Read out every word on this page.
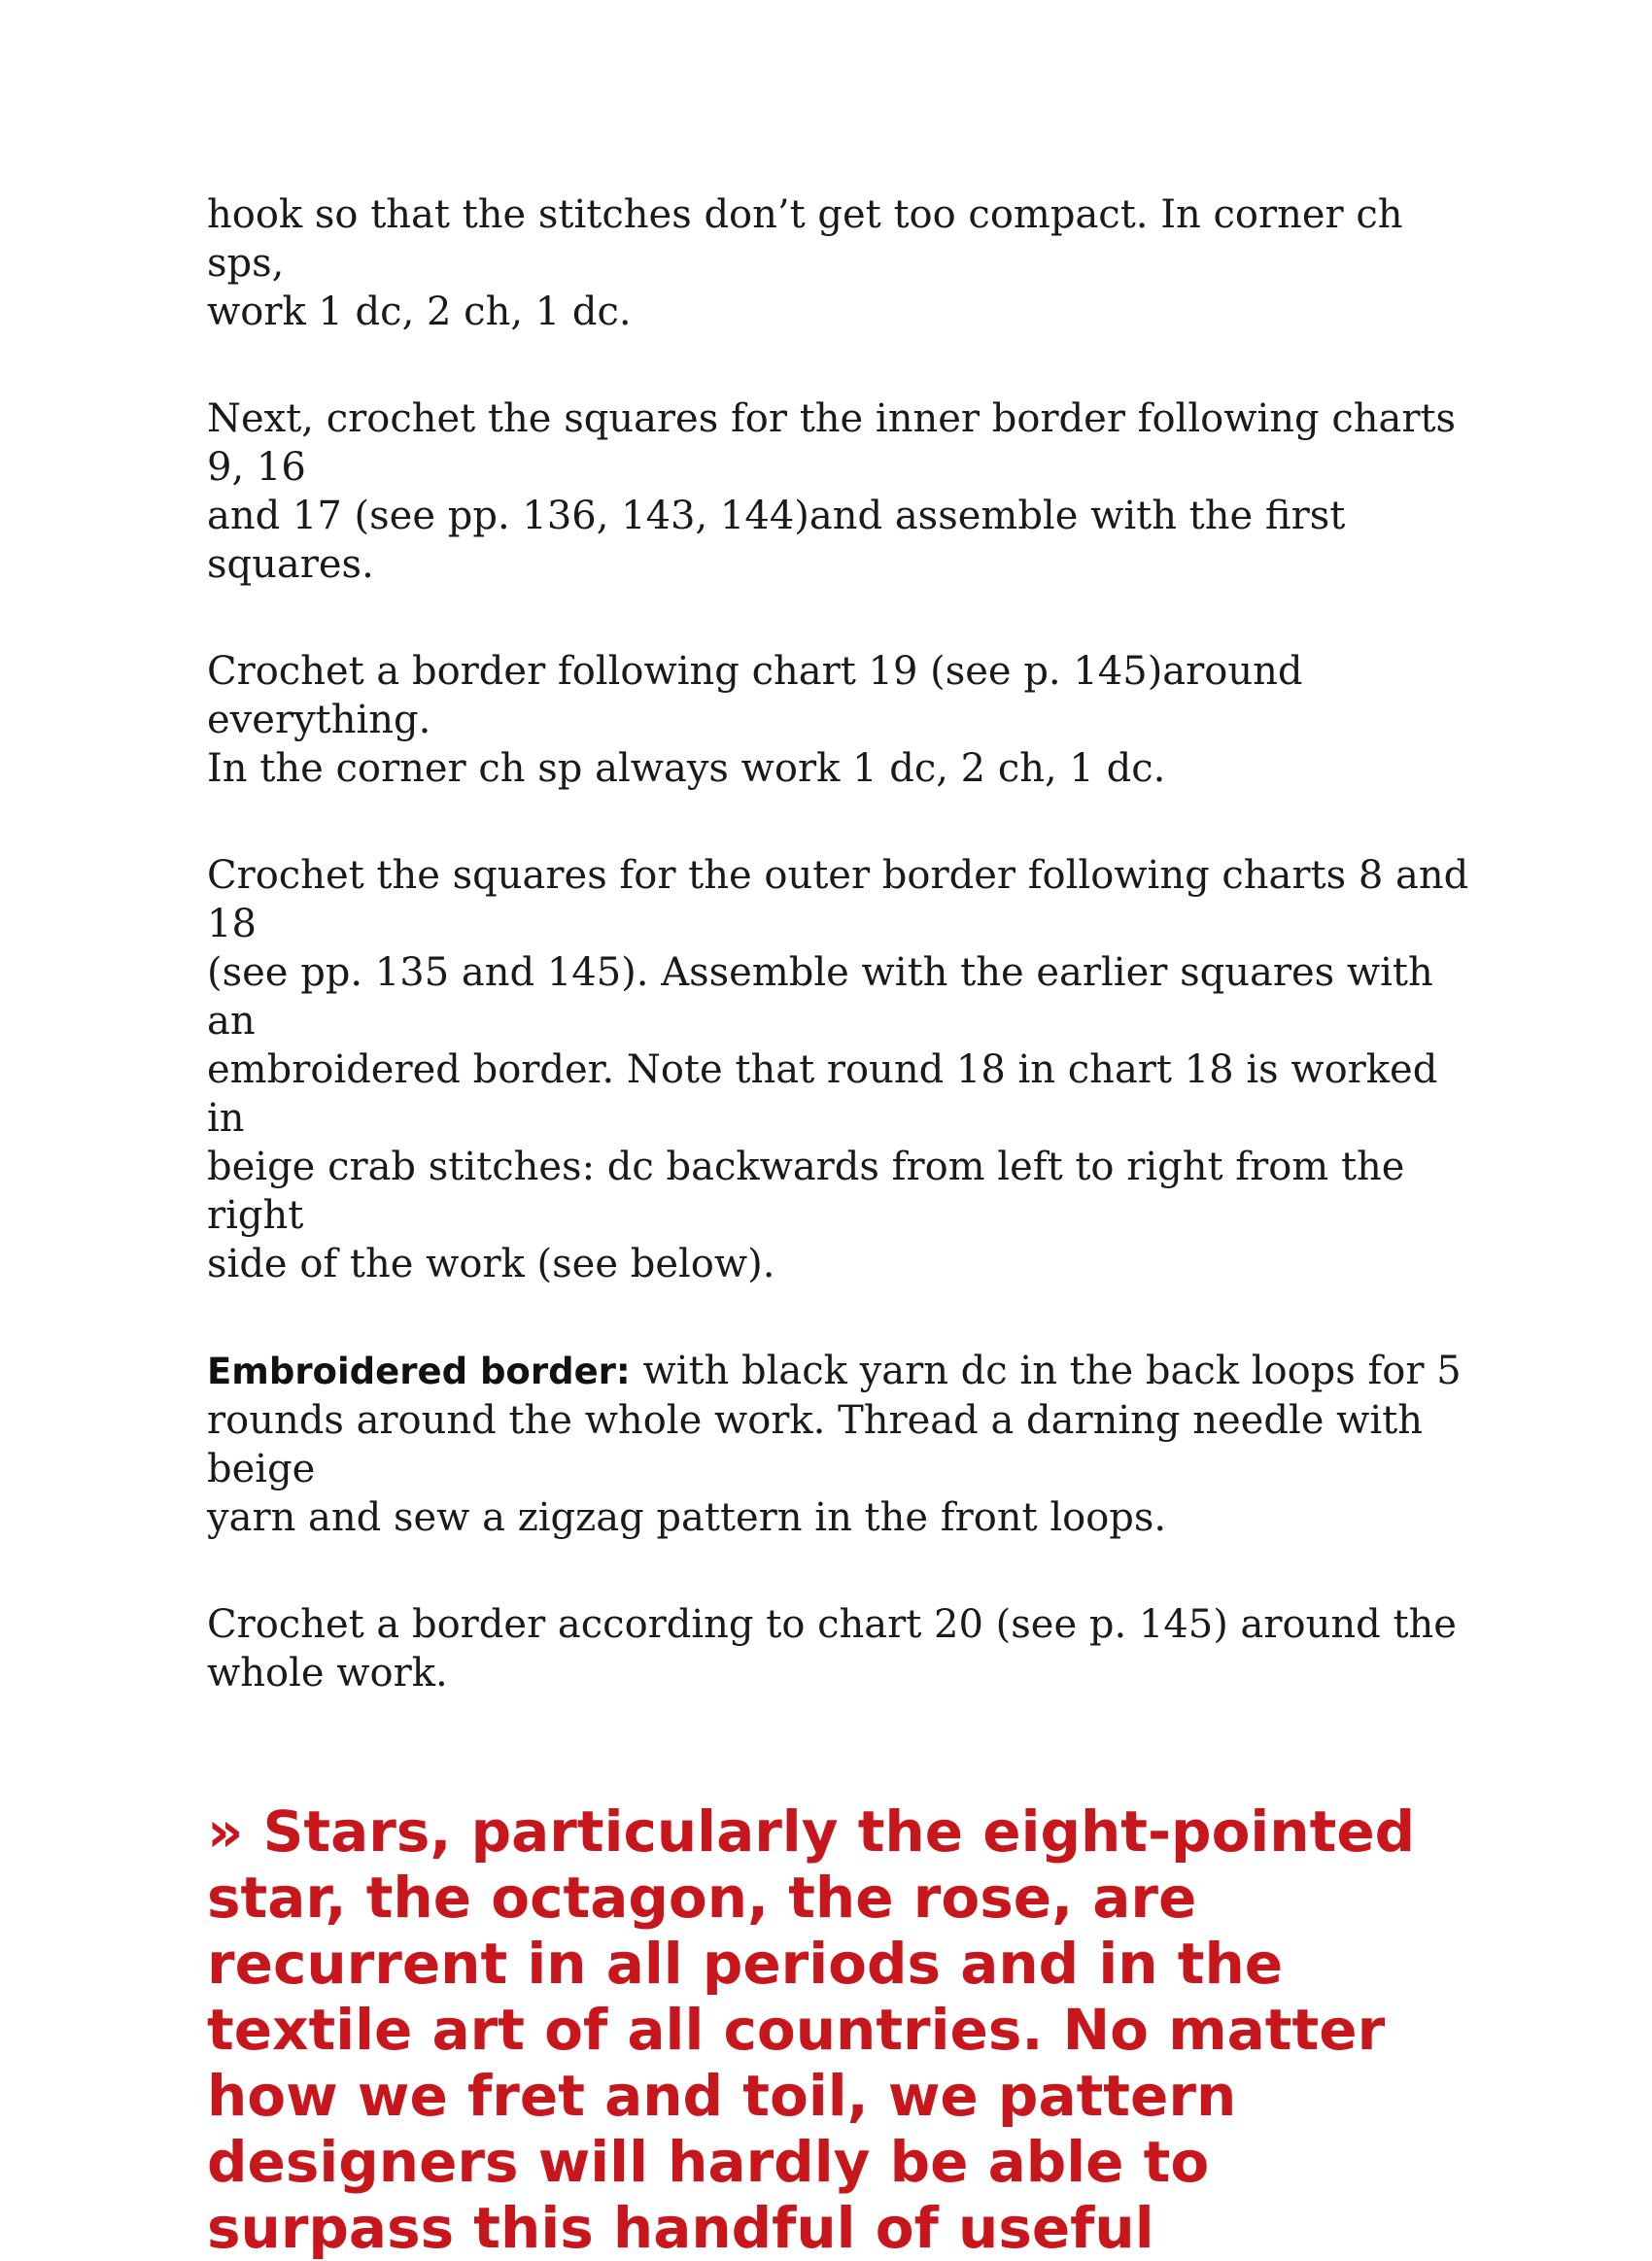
hook so that the stitches don’t get too compact. In corner ch sps,
work 1 dc, 2 ch, 1 dc.

Next, crochet the squares for the inner border following charts 9, 16
and 17 (see pp. 136, 143, 144)and assemble with the first squares.

Crochet a border following chart 19 (see p. 145)around everything.
In the corner ch sp always work 1 dc, 2 ch, 1 dc.

Crochet the squares for the outer border following charts 8 and 18
(see pp. 135 and 145). Assemble with the earlier squares with an
embroidered border. Note that round 18 in chart 18 is worked in
beige crab stitches: dc backwards from left to right from the right
side of the work (see below).

Embroidered border: with black yarn dc in the back loops for 5
rounds around the whole work. Thread a darning needle with beige
yarn and sew a zigzag pattern in the front loops.

Crochet a border according to chart 20 (see p. 145) around the
whole work.

» Stars, particularly the eight-pointed
star, the octagon, the rose, are
recurrent in all periods and in the
textile art of all countries. No matter
how we fret and toil, we pattern
designers will hardly be able to
surpass this handful of useful
